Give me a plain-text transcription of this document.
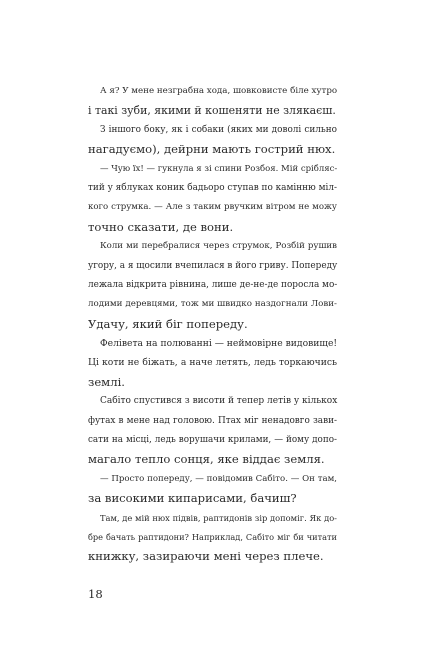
А я? У мене незграбна хода, шовковисте біле хутро
і такі зуби, якими й кошеняти не злякаєш.
З іншого боку, як і собаки (яких ми доволі сильно
нагадуємо), дейрни мають гострий нюх.
— Чую їх! — гукнула я зі спини Розбоя. Мій срібляс-
тий у яблуках коник бадьоро ступав по камінню міл-
кого струмка. — Але з таким рвучким вітром не можу
точно сказати, де вони.
Коли ми перебралися через струмок, Розбій рушив
угору, а я щосили вчепилася в його гриву. Попереду
лежала відкрита рівнина, лише де-не-де поросла мо-
лодими деревцями, тож ми швидко наздогнали Лови-
Удачу, який біг попереду.
Фелівета на полюванні — неймовірне видовище!
Ці коти не біжать, а наче летять, ледь торкаючись
землі.
Сабіто спустився з висоти й тепер летів у кількох
футах в мене над головою. Птах міг ненадовго зави-
сати на місці, ледь ворушачи крилами, — йому допо-
магало тепло сонця, яке віддає земля.
— Просто попереду, — повідомив Сабіто. — Он там,
за високими кипарисами, бачиш?
Там, де мій нюх підвів, раптидонів зір допоміг. Як до-
бре бачать раптидони? Наприклад, Сабіто міг би читати
книжку, зазираючи мені через плече.
18
